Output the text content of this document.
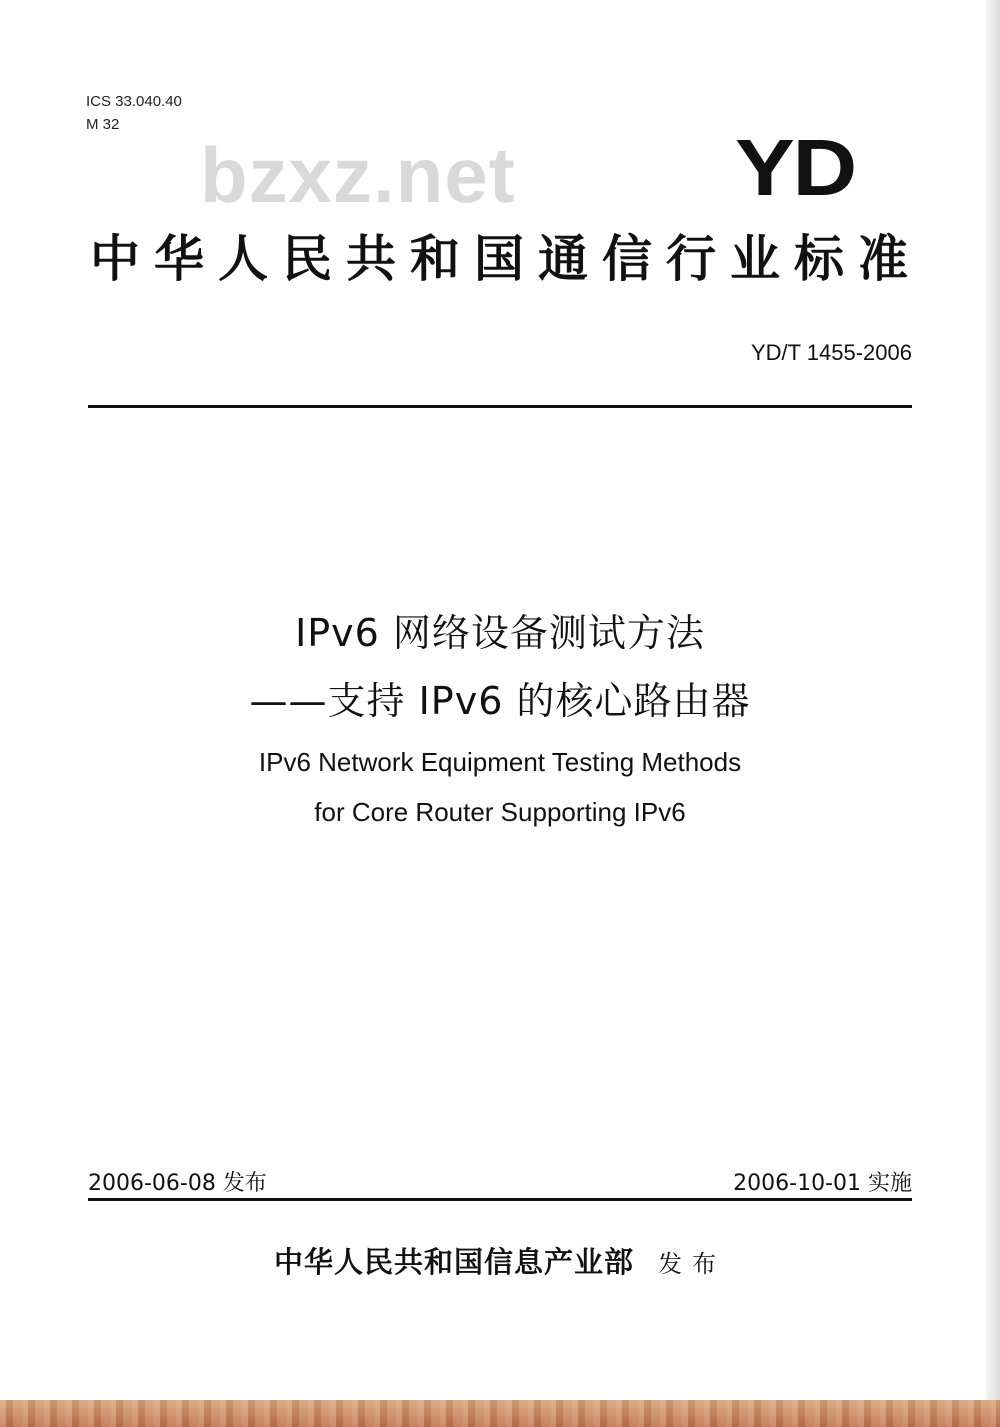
ICS 33.040.40
M 32
bzxz.net	YD
中华人民共和国通信行业标准
YD/T 1455-2006
IPv6 网络设备测试方法
——支持 IPv6 的核心路由器
IPv6 Network Equipment Testing Methods
for Core Router Supporting IPv6
2006-06-08 发布	2006-10-01 实施
中华人民共和国信息产业部 发布
